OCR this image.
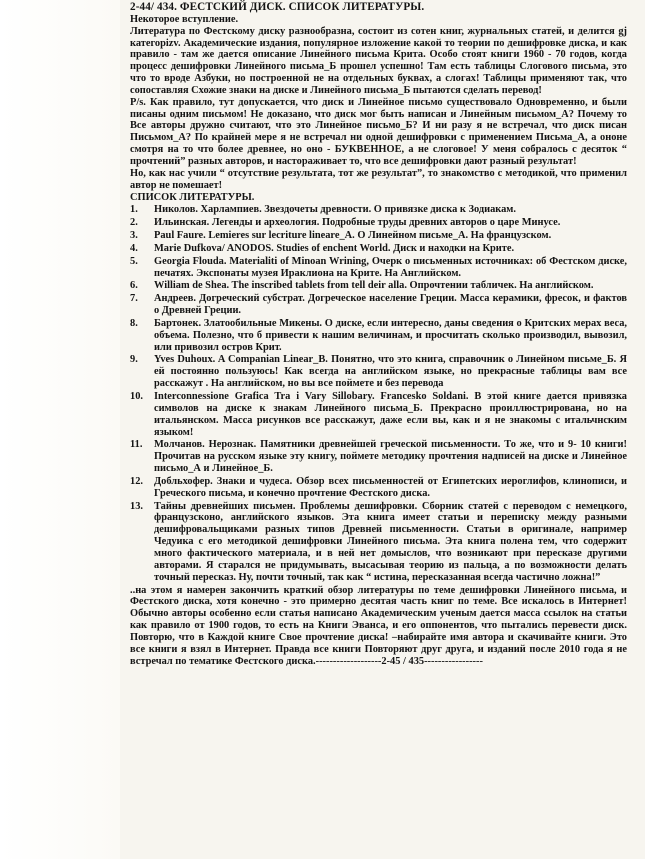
2-44/ 434. ФЕСТСКИЙ ДИСК. СПИСОК ЛИТЕРАТУРЫ.
Некоторое вступление.

Литература по Фестскому диску разнообразна, состоит из сотен книг, журнальных статей, и делится gj категорizv. Академические издания, популярное изложение какой то теории по дешифровке диска, и как правило - там же дается описание Линейного письма Крита. Особо стоят книги 1960 - 70 годов, когда процесс дешифровки Линейного письма_Б прошел успешно! Там есть таблицы Слогового письма, это что то вроде Азбуки, но построенной не на отдельных буквах, а слогах! Таблицы применяют так, что сопоставляя Схожие знаки на диске и Линейного письма_Б пытаются сделать перевод!

P/s. Как правило, тут допускается, что диск и Линейное письмо существовало Одновременно, и были писаны одним письмом! Не доказано, что диск мог быть написан и Линейным письмом_А? Почему то Все авторы дружно считают, что это Линейное письмо_Б? И ни разу я не встречал, что диск писан Письмом_А? По крайней мере я не встречал ни одной дешифровки с применением Письма_А, а ононе смотря на то что более древнее, но оно - БУКВЕННОЕ, а не слоговое! У меня собралось с десяток “ прочтений” разных авторов, и настораживает то, что все дешифровки дают разный результат!

Но, как нас учили “ отсутствие результата, тот же результат”, то знакомство с методикой, что применил автор не помешает!

СПИСОК ЛИТЕРАТУРЫ.
1.	Николов. Харлампиев. Звездочеты древности. О привязке диска к Зодиакам.
2.	Ильинская. Легенды и археология. Подробные труды древних авторов о царе Минусе.
3.	Paul Faure. Lemieres sur lecriture lineare_A. О Линейном письме_А. На французском.
4.	Marie Dufkova/ ANODOS. Studies of enchent World. Диск и находки на Крите.
5.	Georgia Flouda. Materialiti of Minoan Wrining, Очерк о письменных источниках: об Фестском диске, печатях. Экспонаты музея Ираклиона на Крите. На Английском.
6.	William de Shea. The inscribed tablets from tell deir alla. Опрочтении табличек. На английском.
7.	Андреев. Догреческий субстрат. Догреческое население Греции. Масса керамики, фресок, и фактов о Древней Греции.
8.	Бартонек. Златообильные Микены. О диске, если интересно, даны сведения о Критских мерах веса, объема. Полезно, что б привести к нашим величинам, и просчитать сколько производил, вывозил, или привозил остров Крит.
9.	Yves Duhoux. A Companian Linear_B. Понятно, что это книга, справочник о Линейном письме_Б. Я ей постоянно пользуюсь! Как всегда на английском языке, но прекрасные таблицы вам все расскажут . На английском, но вы все поймете и без перевода
10.	Interconnessione Grafica Tra i Vary Sillobary. Francesko Soldani. В этой книге дается привязка символов на диске к знакам Линейного письма_Б. Прекрасно проиллюстрирована, но на итальянском. Масса рисунков все расскажут, даже если вы, как и я не знакомы с итальчнским языком!
11.	Молчанов. Нерознак. Памятники древнейшей греческой письменности. То же, что и 9- 10 книги! Прочитав на русском языке эту книгу, поймете методику прочтения надписей на диске и Линейное письмо_А и Линейное_Б.
12.	Добльхофер. Знаки и чудеса. Обзор всех письменностей от Египетских иероглифов, клинописи, и Греческого письма, и конечно прочтение Фестского диска.
13.	Тайны древнейших письмен. Проблемы дешифровки. Сборник статей с переводом с немецкого, французсконо, английского языков. Эта книга имеет статьи и переписку между разными дешифровальщиками разных типов Древней письменности. Статьи в оригинале, например Чедуика с его методикой дешифровки Линейного письма. Эта книга полена тем, что содержит много фактического материала, и в ней нет домыслов, что возникают при пересказе другими авторами. Я старался не придумывать, высасывая теорию из пальца, а по возможности делать точный пересказ. Ну, почти точный, так как “ истина, пересказанная всегда частично ложна!”
..на этом я намерен закончить краткий обзор литературы по теме дешифровки Линейного письма, и Фестского диска, хотя конечно - это примерно десятая часть книг по теме. Все искалось в Интернет! Обычно авторы особенно если статья написано Академическим ученым дается масса ссылок на статьи как правило от 1900 годов, то есть на Книги Эванса, и его оппонентов, что пытались перевести диск. Повторю, что в Каждой книге Свое прочтение диска! –набирайте имя автора и скачивайте книги. Это все книги я взял в Интернет. Правда все книги Повторяют друг друга, и изданий после 2010 года я не встречал по тематике Фестского диска.-------------------2-45 / 435-----------------
